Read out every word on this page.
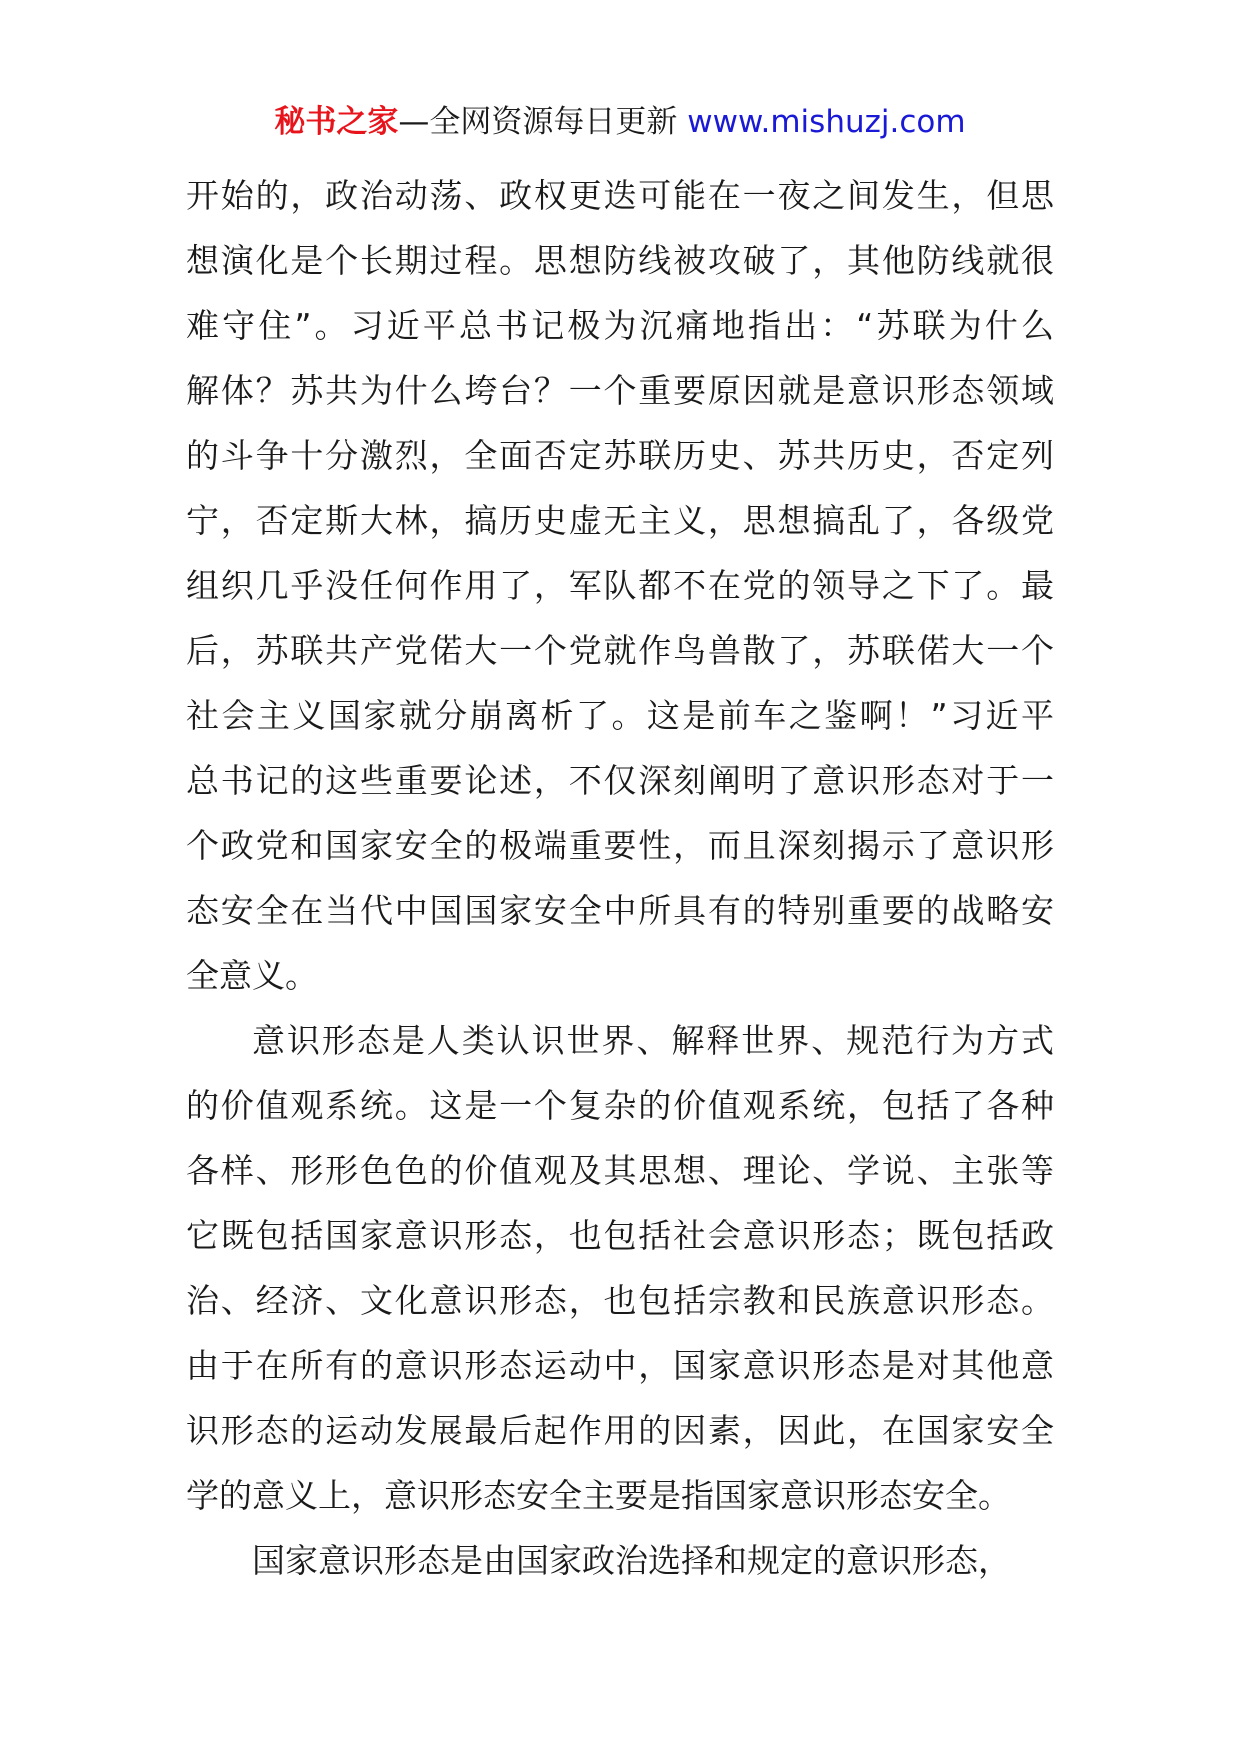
秘书之家—全网资源每日更新 www.mishuzj.com
开始的，政治动荡、政权更迭可能在一夜之间发生，但思
想演化是个长期过程。思想防线被攻破了，其他防线就很
难守住”。习近平总书记极为沉痛地指出：“苏联为什么
解体？苏共为什么垮台？一个重要原因就是意识形态领域
的斗争十分激烈，全面否定苏联历史、苏共历史，否定列
宁，否定斯大林，搞历史虚无主义，思想搞乱了，各级党
组织几乎没任何作用了，军队都不在党的领导之下了。最
后，苏联共产党偌大一个党就作鸟兽散了，苏联偌大一个
社会主义国家就分崩离析了。这是前车之鉴啊！”习近平
总书记的这些重要论述，不仅深刻阐明了意识形态对于一
个政党和国家安全的极端重要性，而且深刻揭示了意识形
态安全在当代中国国家安全中所具有的特别重要的战略安
全意义。
意识形态是人类认识世界、解释世界、规范行为方式
的价值观系统。这是一个复杂的价值观系统，包括了各种
各样、形形色色的价值观及其思想、理论、学说、主张等
它既包括国家意识形态，也包括社会意识形态；既包括政
治、经济、文化意识形态，也包括宗教和民族意识形态。
由于在所有的意识形态运动中，国家意识形态是对其他意
识形态的运动发展最后起作用的因素，因此，在国家安全
学的意义上，意识形态安全主要是指国家意识形态安全。
国家意识形态是由国家政治选择和规定的意识形态，
